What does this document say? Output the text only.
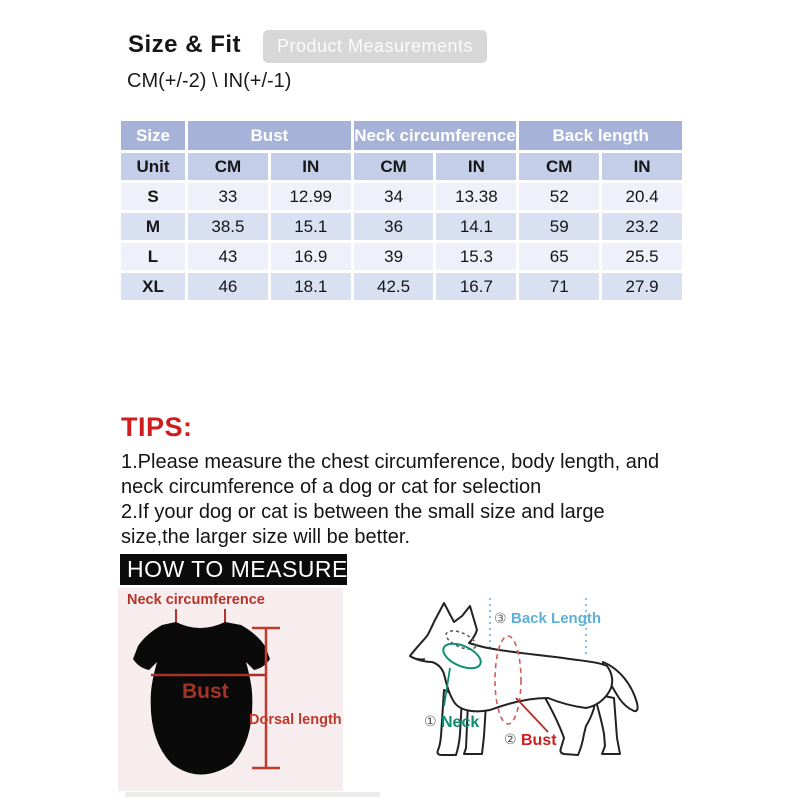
Size & Fit	Product Measurements
CM(+/-2) \ IN(+/-1)
Size	Bust		Neck circumference		Back length	
Unit	CM	IN	CM	IN	CM	IN
S	33	12.99	34	13.38	52	20.4
M	38.5	15.1	36	14.1	59	23.2
L	43	16.9	39	15.3	65	25.5
XL	46	18.1	42.5	16.7	71	27.9
TIPS:
1.Please measure the chest circumference, body length, and
neck circumference of a dog or cat for selection
2.If your dog or cat is between the small size and large
size,the larger size will be better.
HOW TO MEASURE
Neck circumference
Bust
Dorsal length
③ Back Length
① Neck
② Bust
